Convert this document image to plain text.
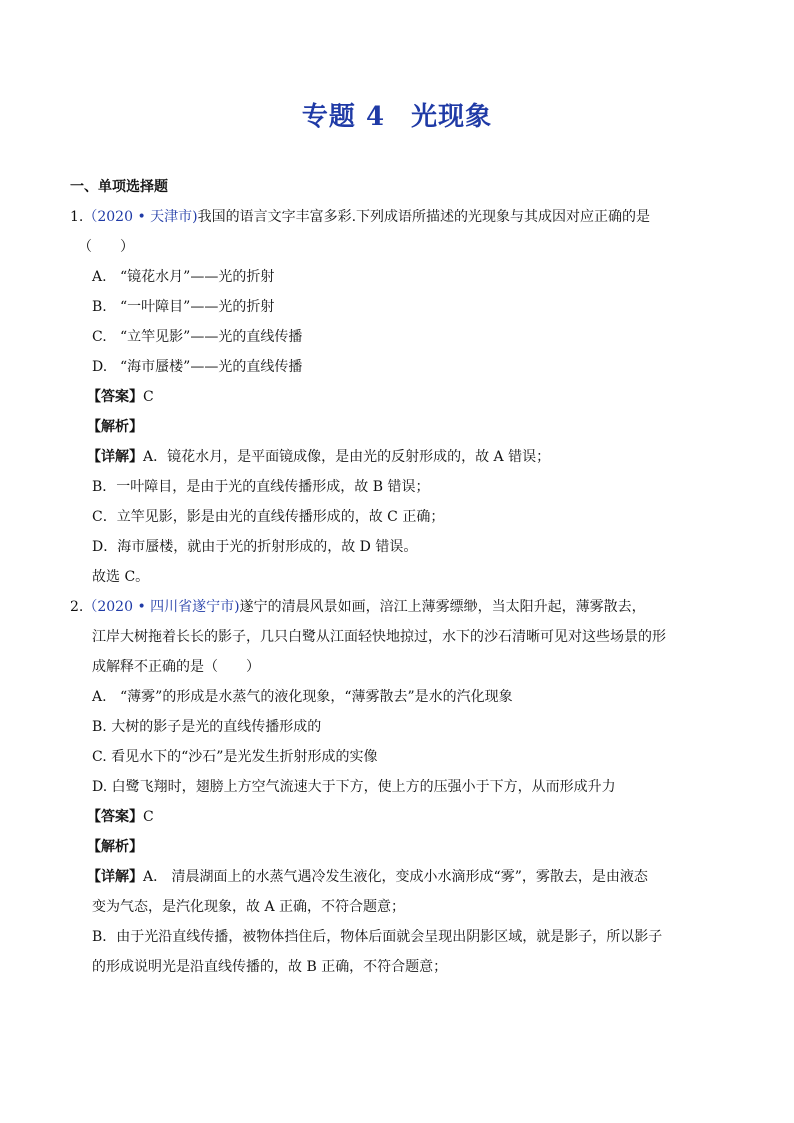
专题 4 光现象
一、单项选择题
1.（2020 • 天津市)我国的语言文字丰富多彩.下列成语所描述的光现象与其成因对应正确的是
（　　）
A. “镜花水月”——光的折射
B. “一叶障目”——光的折射
C. “立竿见影”——光的直线传播
D. “海市蜃楼”——光的直线传播
【答案】C
【解析】
【详解】A．镜花水月，是平面镜成像，是由光的反射形成的，故 A 错误；
B．一叶障目，是由于光的直线传播形成，故 B 错误；
C．立竿见影，影是由光的直线传播形成的，故 C 正确；
D．海市蜃楼，就由于光的折射形成的，故 D 错误。
故选 C。
2.（2020 • 四川省遂宁市)遂宁的清晨风景如画，涪江上薄雾缥缈，当太阳升起，薄雾散去，
江岸大树拖着长长的影子，几只白鹭从江面轻快地掠过，水下的沙石清晰可见对这些场景的形
成解释不正确的是（　　）
A. “薄雾”的形成是水蒸气的液化现象，“薄雾散去”是水的汽化现象
B. 大树的影子是光的直线传播形成的
C. 看见水下的“沙石”是光发生折射形成的实像
D. 白鹭飞翔时，翅膀上方空气流速大于下方，使上方的压强小于下方，从而形成升力
【答案】C
【解析】
【详解】A． 清晨湖面上的水蒸气遇冷发生液化，变成小水滴形成“雾”，雾散去，是由液态
变为气态，是汽化现象，故 A 正确，不符合题意；
B．由于光沿直线传播，被物体挡住后，物体后面就会呈现出阴影区域，就是影子，所以影子
的形成说明光是沿直线传播的，故 B 正确，不符合题意；
